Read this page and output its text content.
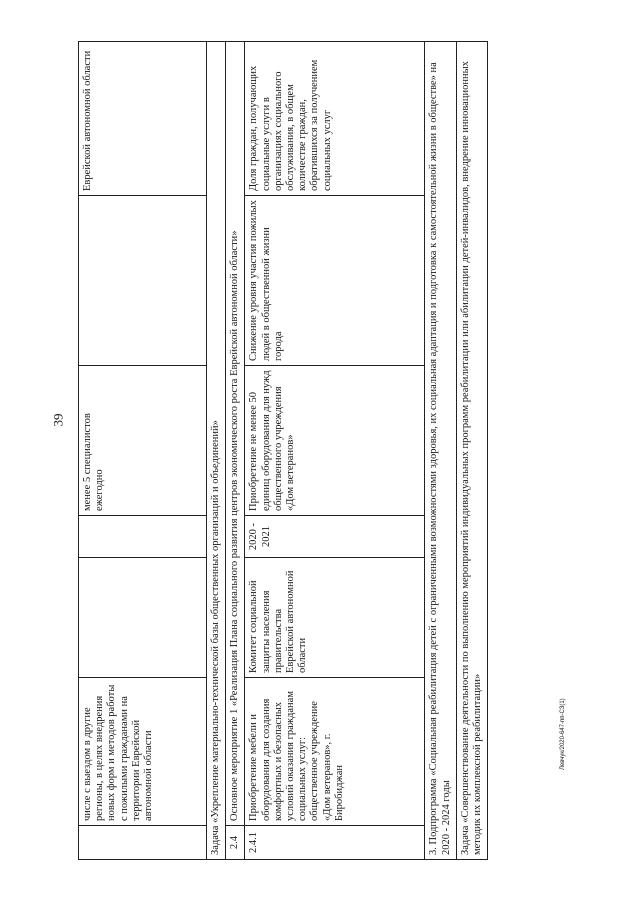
39
Левчук/2020-647-пп-СЗ(1)
	числе с выездом в другие регионы, в целях внедрения новых форм и методов работы с пожилыми гражданами на территории Еврейской автономной области			менее 5 специалистов ежегодно		Еврейской автономной области
Задача «Укрепление материально-технической базы общественных организаций и объединений»						
2.4	Основное мероприятие 1 «Реализация Плана социального развития центров экономического роста Еврейской автономной области»					
2.4.1	Приобретение мебели и оборудования для создания комфортных и безопасных условий оказания гражданам социальных услуг: общественное учреждение «Дом ветеранов», г. Биробиджан	Комитет социальной защиты населения правительства Еврейской автономной области	2020 - 2021	Приобретение не менее 50 единиц оборудования для нужд общественного учреждения «Дом ветеранов»	Снижение уровня участия пожилых людей в общественной жизни города	Доля граждан, получающих социальные услуги в организациях социального обслуживания, в общем количестве граждан, обратившихся за получением социальных услуг
3. Подпрограмма «Социальная реабилитация детей с ограниченными возможностями здоровья, их социальная адаптация и подготовка к самостоятельной жизни в обществе» на 2020 - 2024 годы						
Задача «Совершенствование деятельности по выполнению мероприятий индивидуальных программ реабилитации или абилитации детей-инвалидов, внедрение инновационных методик их комплексной реабилитации»						
